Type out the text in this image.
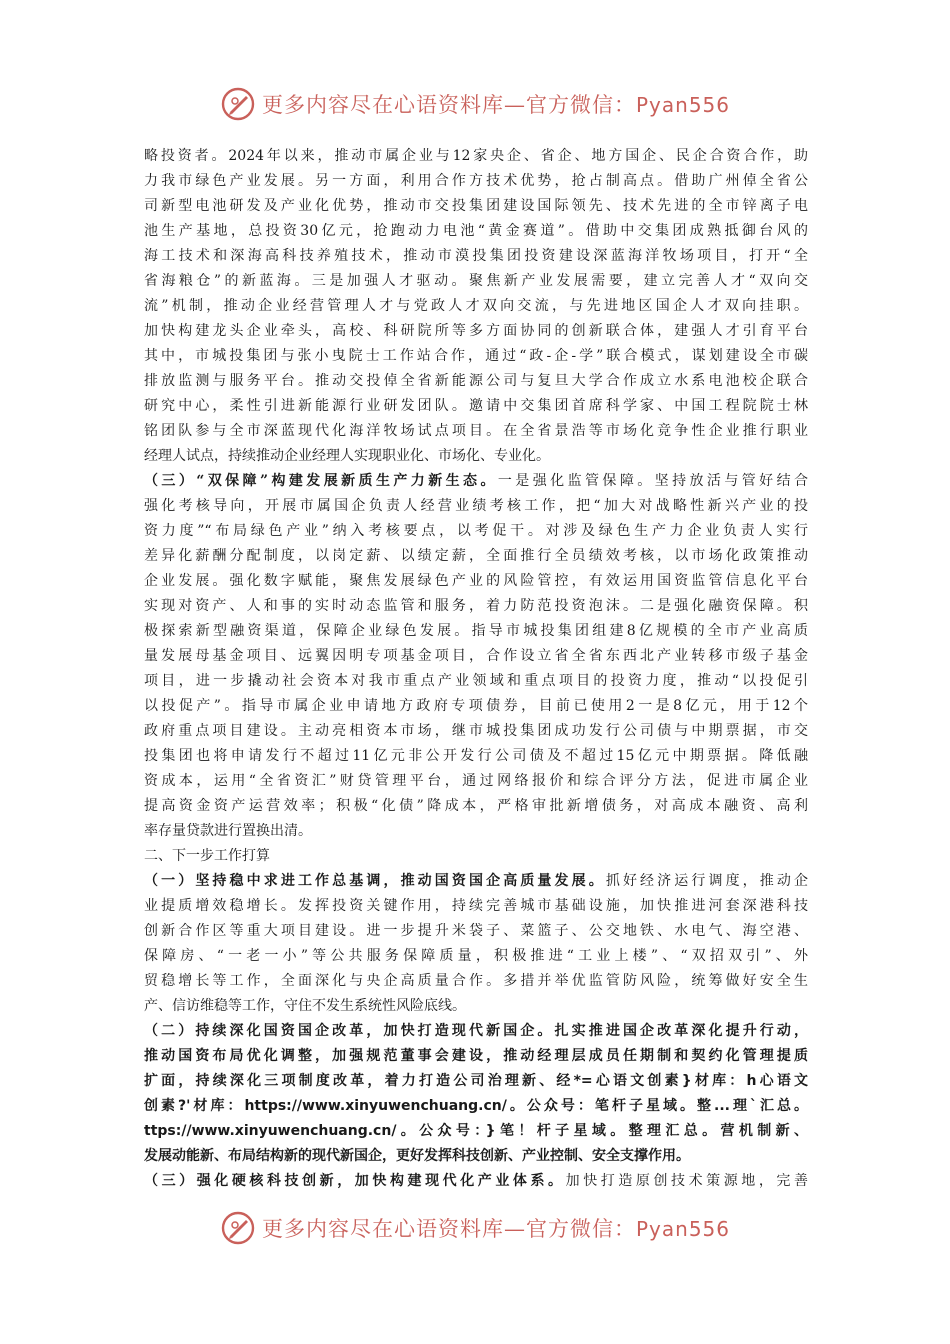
更多内容尽在心语资料库—官方微信：Pyan556
略投资者。2024年以来，推动市属企业与12家央企、省企、地方国企、民企合资合作，助
力我市绿色产业发展。另一方面，利用合作方技术优势，抢占制高点。借助广州倬全省公
司新型电池研发及产业化优势，推动市交投集团建设国际领先、技术先进的全市锌离子电
池生产基地，总投资30亿元，抢跑动力电池“黄金赛道”。借助中交集团成熟抵御台风的
海工技术和深海高科技养殖技术，推动市漠投集团投资建设深蓝海洋牧场项目，打开“全
省海粮仓”的新蓝海。三是加强人才驱动。聚焦新产业发展需要，建立完善人才“双向交
流”机制，推动企业经营管理人才与党政人才双向交流，与先进地区国企人才双向挂职。
加快构建龙头企业牵头，高校、科研院所等多方面协同的创新联合体，建强人才引育平台
其中，市城投集团与张小曳院士工作站合作，通过“政-企-学”联合模式，谋划建设全市碳
排放监测与服务平台。推动交投倬全省新能源公司与复旦大学合作成立水系电池校企联合
研究中心，柔性引进新能源行业研发团队。邀请中交集团首席科学家、中国工程院院士林
铭团队参与全市深蓝现代化海洋牧场试点项目。在全省景浩等市场化竞争性企业推行职业
经理人试点，持续推动企业经理人实现职业化、市场化、专业化。
（三）“双保障”构建发展新质生产力新生态。一是强化监管保障。坚持放活与管好结合
强化考核导向，开展市属国企负责人经营业绩考核工作，把“加大对战略性新兴产业的投
资力度”“布局绿色产业”纳入考核要点，以考促干。对涉及绿色生产力企业负责人实行
差异化薪酬分配制度，以岗定薪、以绩定薪，全面推行全员绩效考核，以市场化政策推动
企业发展。强化数字赋能，聚焦发展绿色产业的风险管控，有效运用国资监管信息化平台
实现对资产、人和事的实时动态监管和服务，着力防范投资泡沫。二是强化融资保障。积
极探索新型融资渠道，保障企业绿色发展。指导市城投集团组建8亿规模的全市产业高质
量发展母基金项目、远翼因明专项基金项目，合作设立省全省东西北产业转移市级子基金
项目，进一步撬动社会资本对我市重点产业领域和重点项目的投资力度，推动“以投促引
以投促产”。指导市属企业申请地方政府专项债券，目前已使用2一是8亿元，用于12个
政府重点项目建设。主动亮相资本市场，继市城投集团成功发行公司债与中期票据，市交
投集团也将申请发行不超过11亿元非公开发行公司债及不超过15亿元中期票据。降低融
资成本，运用“全省资汇”财贷管理平台，通过网络报价和综合评分方法，促进市属企业
提高资金资产运营效率；积极“化债”降成本，严格审批新增债务，对高成本融资、高利
率存量贷款进行置换出清。
二、下一步工作打算
（一）坚持稳中求进工作总基调，推动国资国企高质量发展。抓好经济运行调度，推动企
业提质增效稳增长。发挥投资关键作用，持续完善城市基础设施，加快推进河套深港科技
创新合作区等重大项目建设。进一步提升米袋子、菜篮子、公交地铁、水电气、海空港、
保障房、“一老一小”等公共服务保障质量，积极推进“工业上楼”、“双招双引”、外
贸稳增长等工作，全面深化与央企高质量合作。多措并举优监管防风险，统筹做好安全生
产、信访维稳等工作，守住不发生系统性风险底线。
（二）持续深化国资国企改革，加快打造现代新国企。扎实推进国企改革深化提升行动，
推动国资布局优化调整，加强规范董事会建设，推动经理层成员任期制和契约化管理提质
扩面，持续深化三项制度改革，着力打造公司治理新、经*=心语文创素}材库：h心语文
创素?'材库：https://www.xinyuwenchuang.cn/。公众号：笔杆子星域。整...理`汇总。
ttps://www.xinyuwenchuang.cn/。公众号：}笔！杆子星域。整理汇总。营机制新、
发展动能新、布局结构新的现代新国企，更好发挥科技创新、产业控制、安全支撑作用。
（三）强化硬核科技创新，加快构建现代化产业体系。加快打造原创技术策源地，完善
更多内容尽在心语资料库—官方微信：Pyan556
